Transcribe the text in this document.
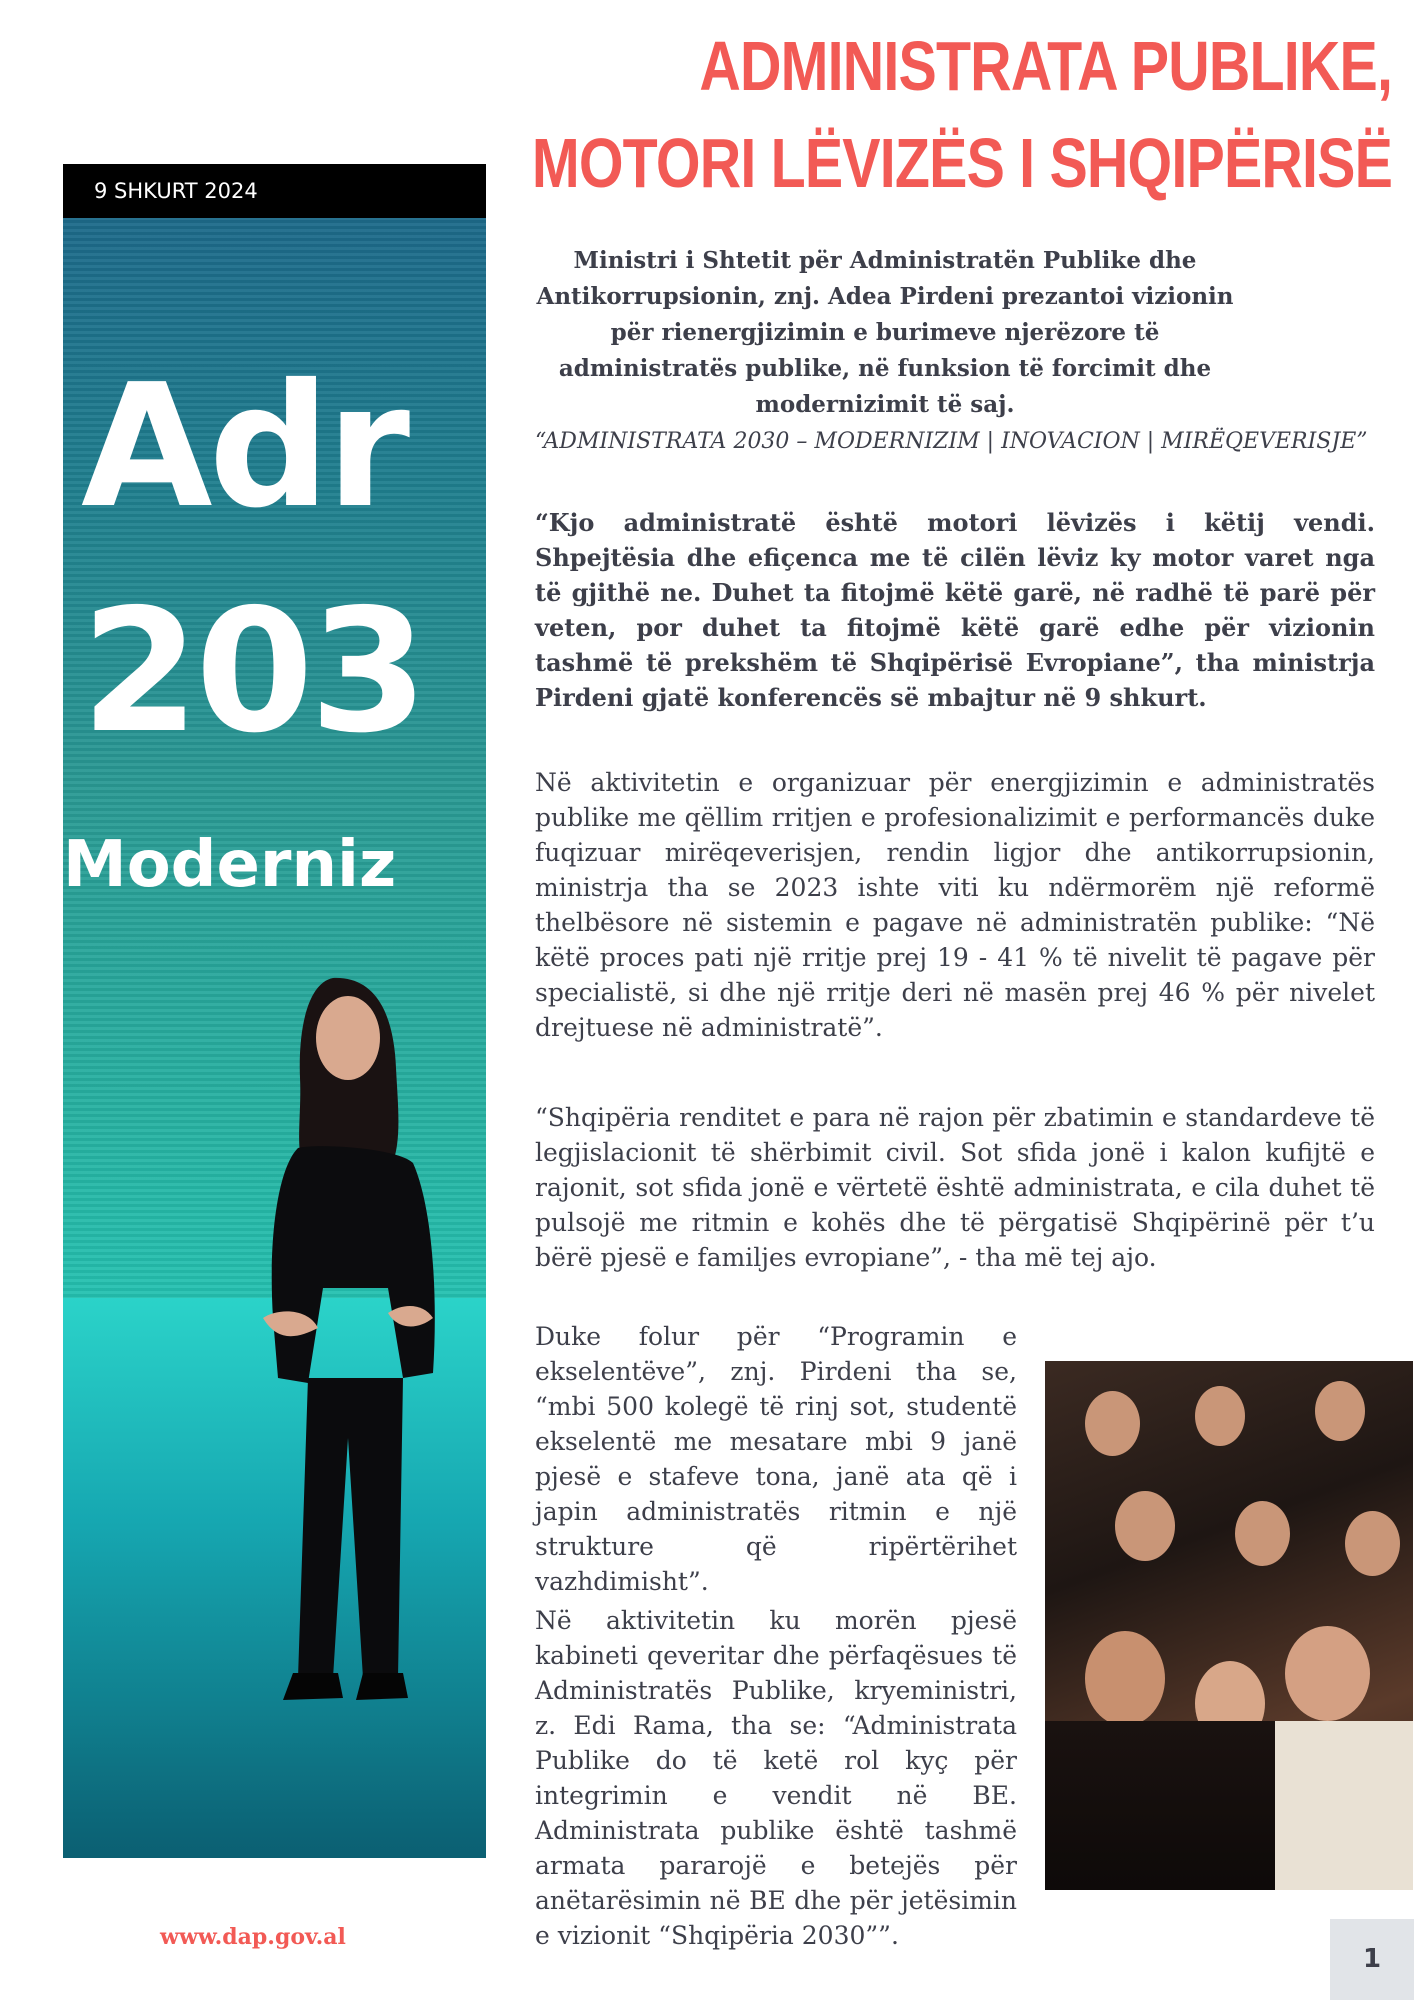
ADMINISTRATA PUBLIKE,
MOTORI LËVIZËS I SHQIPËRISË
9 SHKURT 2024
Adr
203
Moderniz
Ministri i Shtetit për Administratën Publike dhe Antikorrupsionin, znj. Adea Pirdeni prezantoi vizionin për rienergjizimin e burimeve njerëzore të administratës publike, në funksion të forcimit dhe modernizimit të saj.
“ADMINISTRATA 2030 – MODERNIZIM | INOVACION | MIRËQEVERISJE”
“Kjo administratë është motori lëvizës i këtij vendi. Shpejtësia dhe efiçenca me të cilën lëviz ky motor varet nga të gjithë ne. Duhet ta fitojmë këtë garë, në radhë të parë për veten, por duhet ta fitojmë këtë garë edhe për vizionin tashmë të prekshëm të Shqipërisë Evropiane”, tha ministrja Pirdeni gjatë konferencës së mbajtur në 9 shkurt.
Në aktivitetin e organizuar për energjizimin e administratës publike me qëllim rritjen e profesionalizimit e performancës duke fuqizuar mirëqeverisjen, rendin ligjor dhe antikorrupsionin, ministrja tha se 2023 ishte viti ku ndërmorëm një reformë thelbësore në sistemin e pagave në administratën publike: “Në këtë proces pati një rritje prej 19 - 41 % të nivelit të pagave për specialistë, si dhe një rritje deri në masën prej 46 % për nivelet drejtuese në administratë”.
“Shqipëria renditet e para në rajon për zbatimin e standardeve të legjislacionit të shërbimit civil. Sot sfida jonë i kalon kufijtë e rajonit, sot sfida jonë e vërtetë është administrata, e cila duhet të pulsojë me ritmin e kohës dhe të përgatisë Shqipërinë për t’u bërë pjesë e familjes evropiane”, - tha më tej ajo.
Duke folur për “Programin e ekselentëve”, znj. Pirdeni tha se, “mbi 500 kolegë të rinj sot, studentë ekselentë me mesatare mbi 9 janë pjesë e stafeve tona, janë ata që i japin administratës ritmin e një strukture që ripërtërihet vazhdimisht”.
Në aktivitetin ku morën pjesë kabineti qeveritar dhe përfaqësues të Administratës Publike, kryeministri, z. Edi Rama, tha se: “Administrata Publike do të ketë rol kyç për integrimin e vendit në BE. Administrata publike është tashmë armata pararojë e betejës për anëtarësimin në BE dhe për jetësimin e vizionit “Shqipëria 2030””.
www.dap.gov.al
1
